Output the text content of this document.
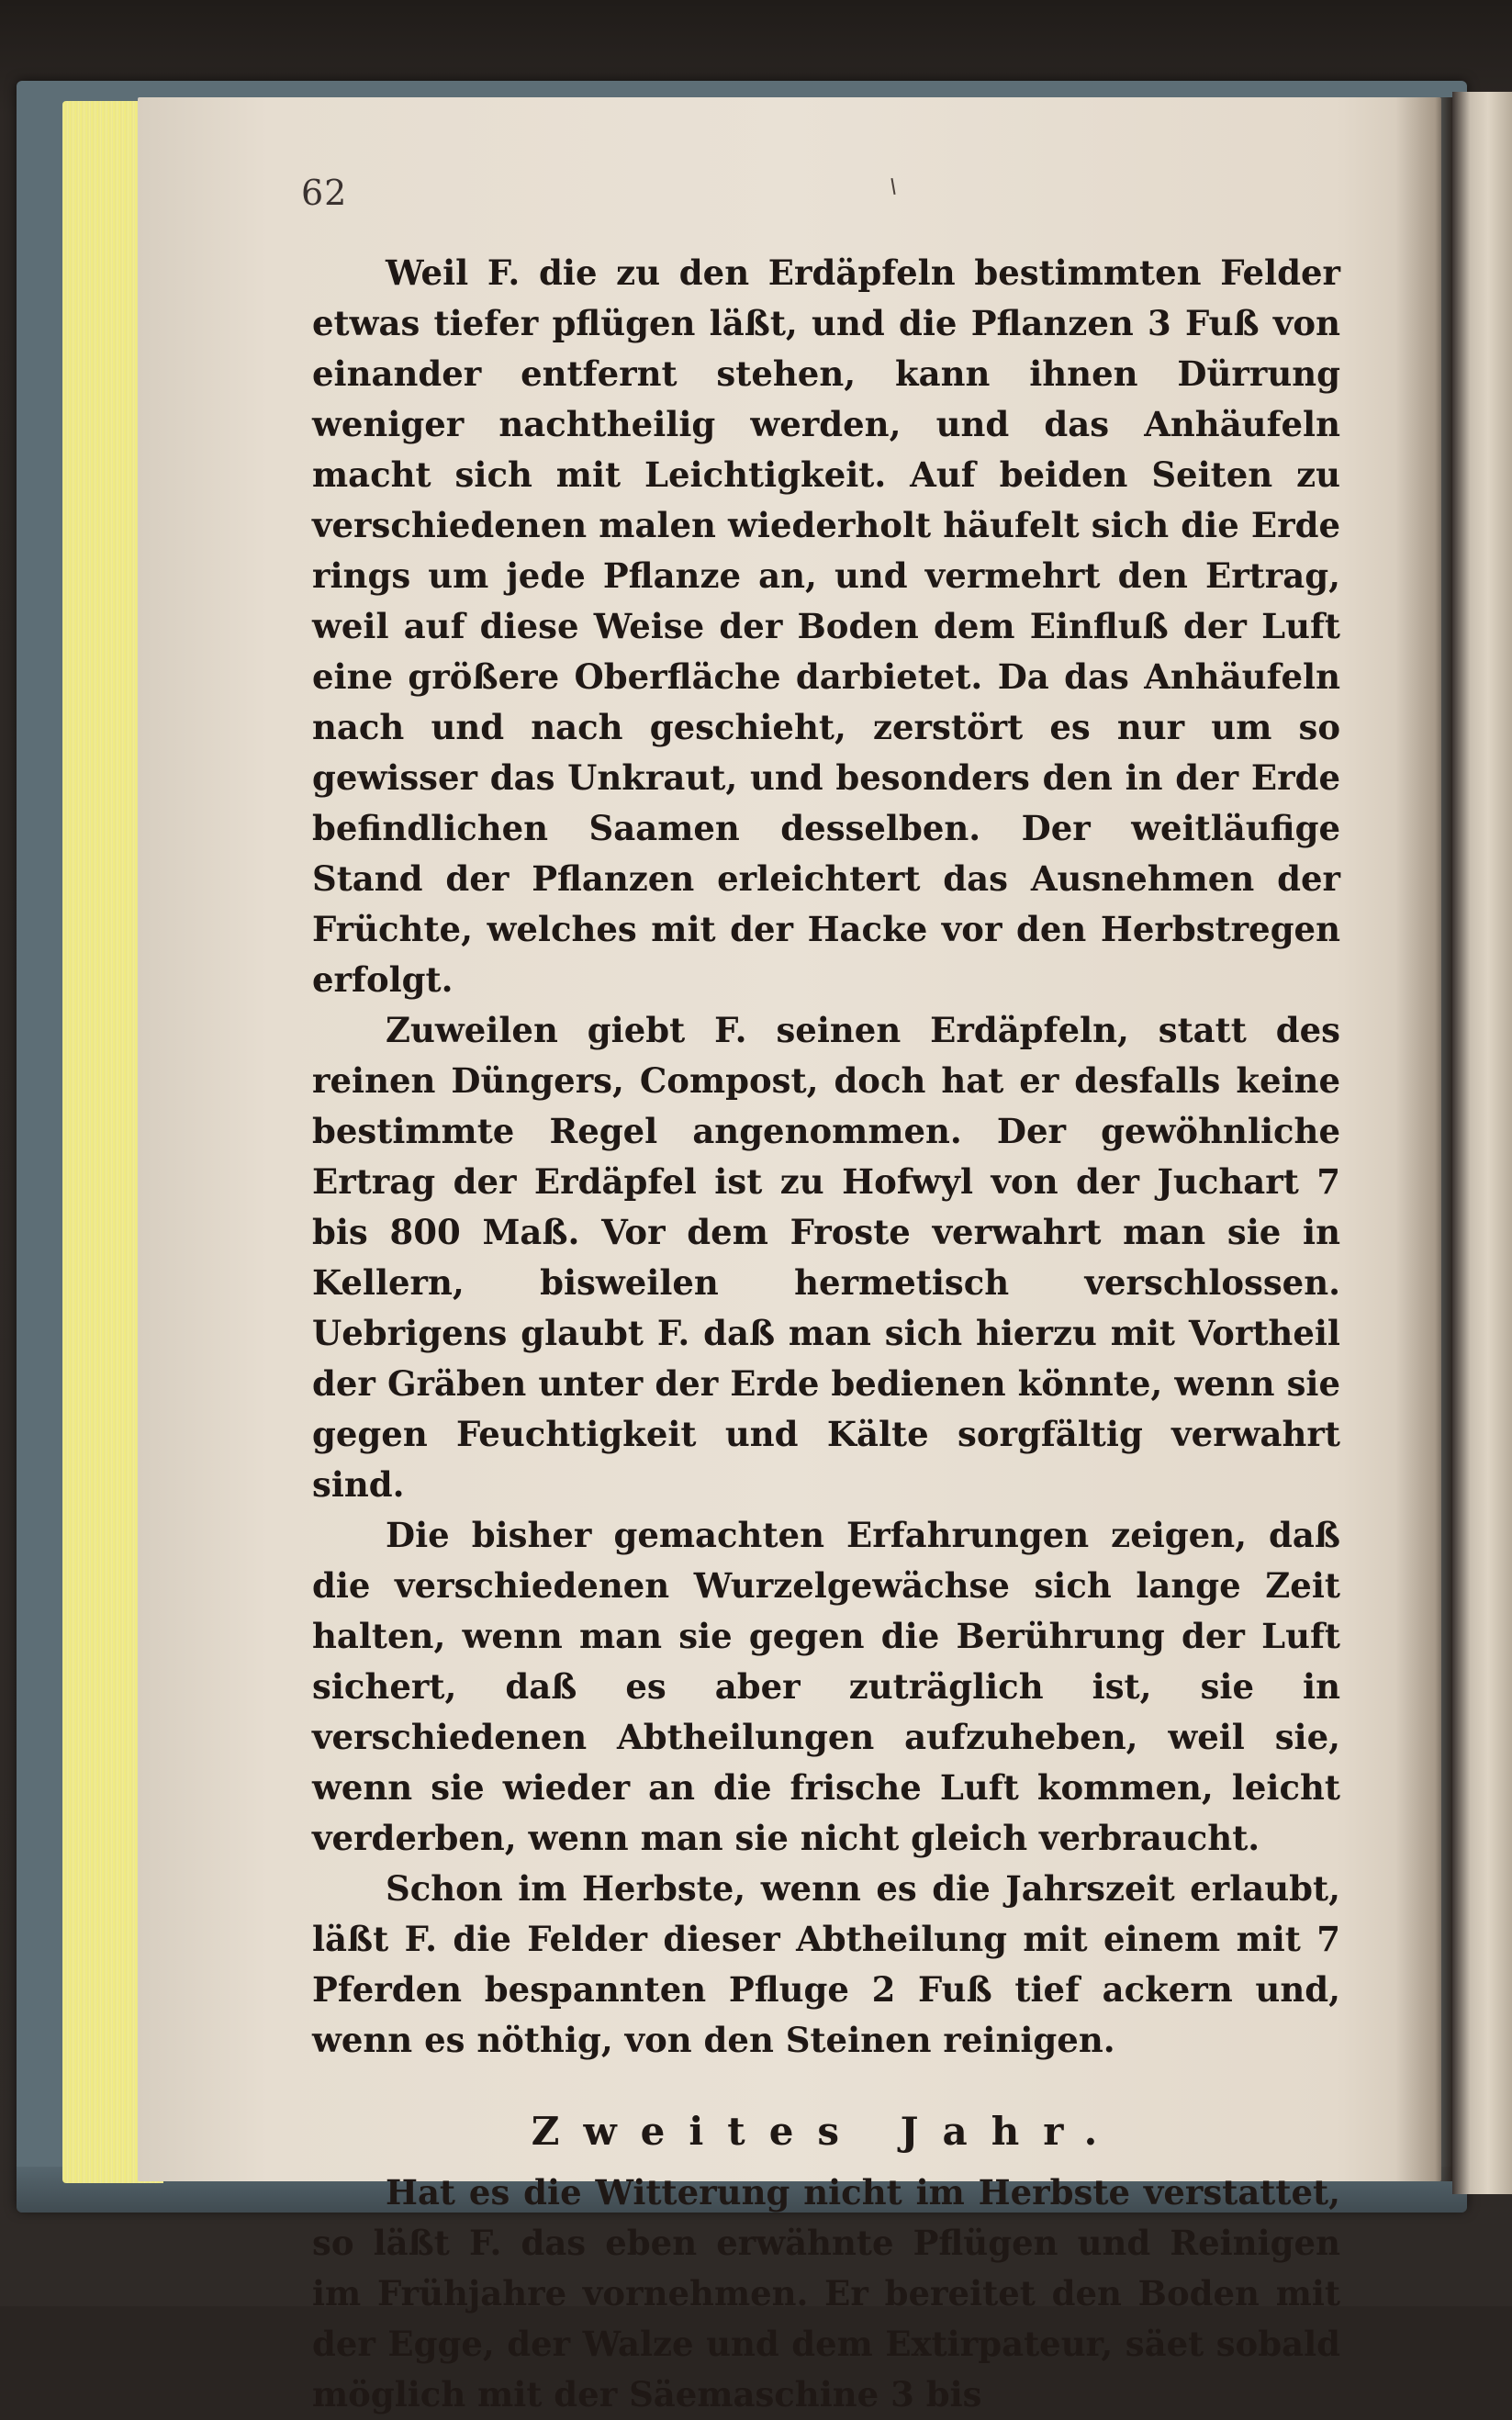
62

Weil F. die zu den Erdäpfeln bestimmten Felder etwas tiefer pflügen läßt, und die Pflanzen 3 Fuß von einander entfernt stehen, kann ihnen Dürrung weniger nachtheilig werden, und das Anhäufeln macht sich mit Leichtigkeit. Auf beiden Seiten zu verschiedenen malen wiederholt häufelt sich die Erde rings um jede Pflanze an, und vermehrt den Ertrag, weil auf diese Weise der Boden dem Einfluß der Luft eine größere Oberfläche darbietet. Da das Anhäufeln nach und nach geschieht, zerstört es nur um so gewisser das Unkraut, und besonders den in der Erde befindlichen Saamen desselben. Der weitläufige Stand der Pflanzen erleichtert das Ausnehmen der Früchte, welches mit der Hacke vor den Herbstregen erfolgt.

Zuweilen giebt F. seinen Erdäpfeln, statt des reinen Düngers, Compost, doch hat er desfalls keine bestimmte Regel angenommen. Der gewöhnliche Ertrag der Erdäpfel ist zu Hofwyl von der Juchart 7 bis 800 Maß. Vor dem Froste verwahrt man sie in Kellern, bisweilen hermetisch verschlossen. Uebrigens glaubt F. daß man sich hierzu mit Vortheil der Gräben unter der Erde bedienen könnte, wenn sie gegen Feuchtigkeit und Kälte sorgfältig verwahrt sind.

Die bisher gemachten Erfahrungen zeigen, daß die verschiedenen Wurzelgewächse sich lange Zeit halten, wenn man sie gegen die Berührung der Luft sichert, daß es aber zuträglich ist, sie in verschiedenen Abtheilungen aufzuheben, weil sie, wenn sie wieder an die frische Luft kommen, leicht verderben, wenn man sie nicht gleich verbraucht.

Schon im Herbste, wenn es die Jahrszeit erlaubt, läßt F. die Felder dieser Abtheilung mit einem mit 7 Pferden bespannten Pfluge 2 Fuß tief ackern und, wenn es nöthig, von den Steinen reinigen.

Zweites Jahr.

Hat es die Witterung nicht im Herbste verstattet, so läßt F. das eben erwähnte Pflügen und Reinigen im Frühjahre vornehmen. Er bereitet den Boden mit der Egge, der Walze und dem Extirpateur, säet sobald möglich mit der Säemaschine 3 bis
